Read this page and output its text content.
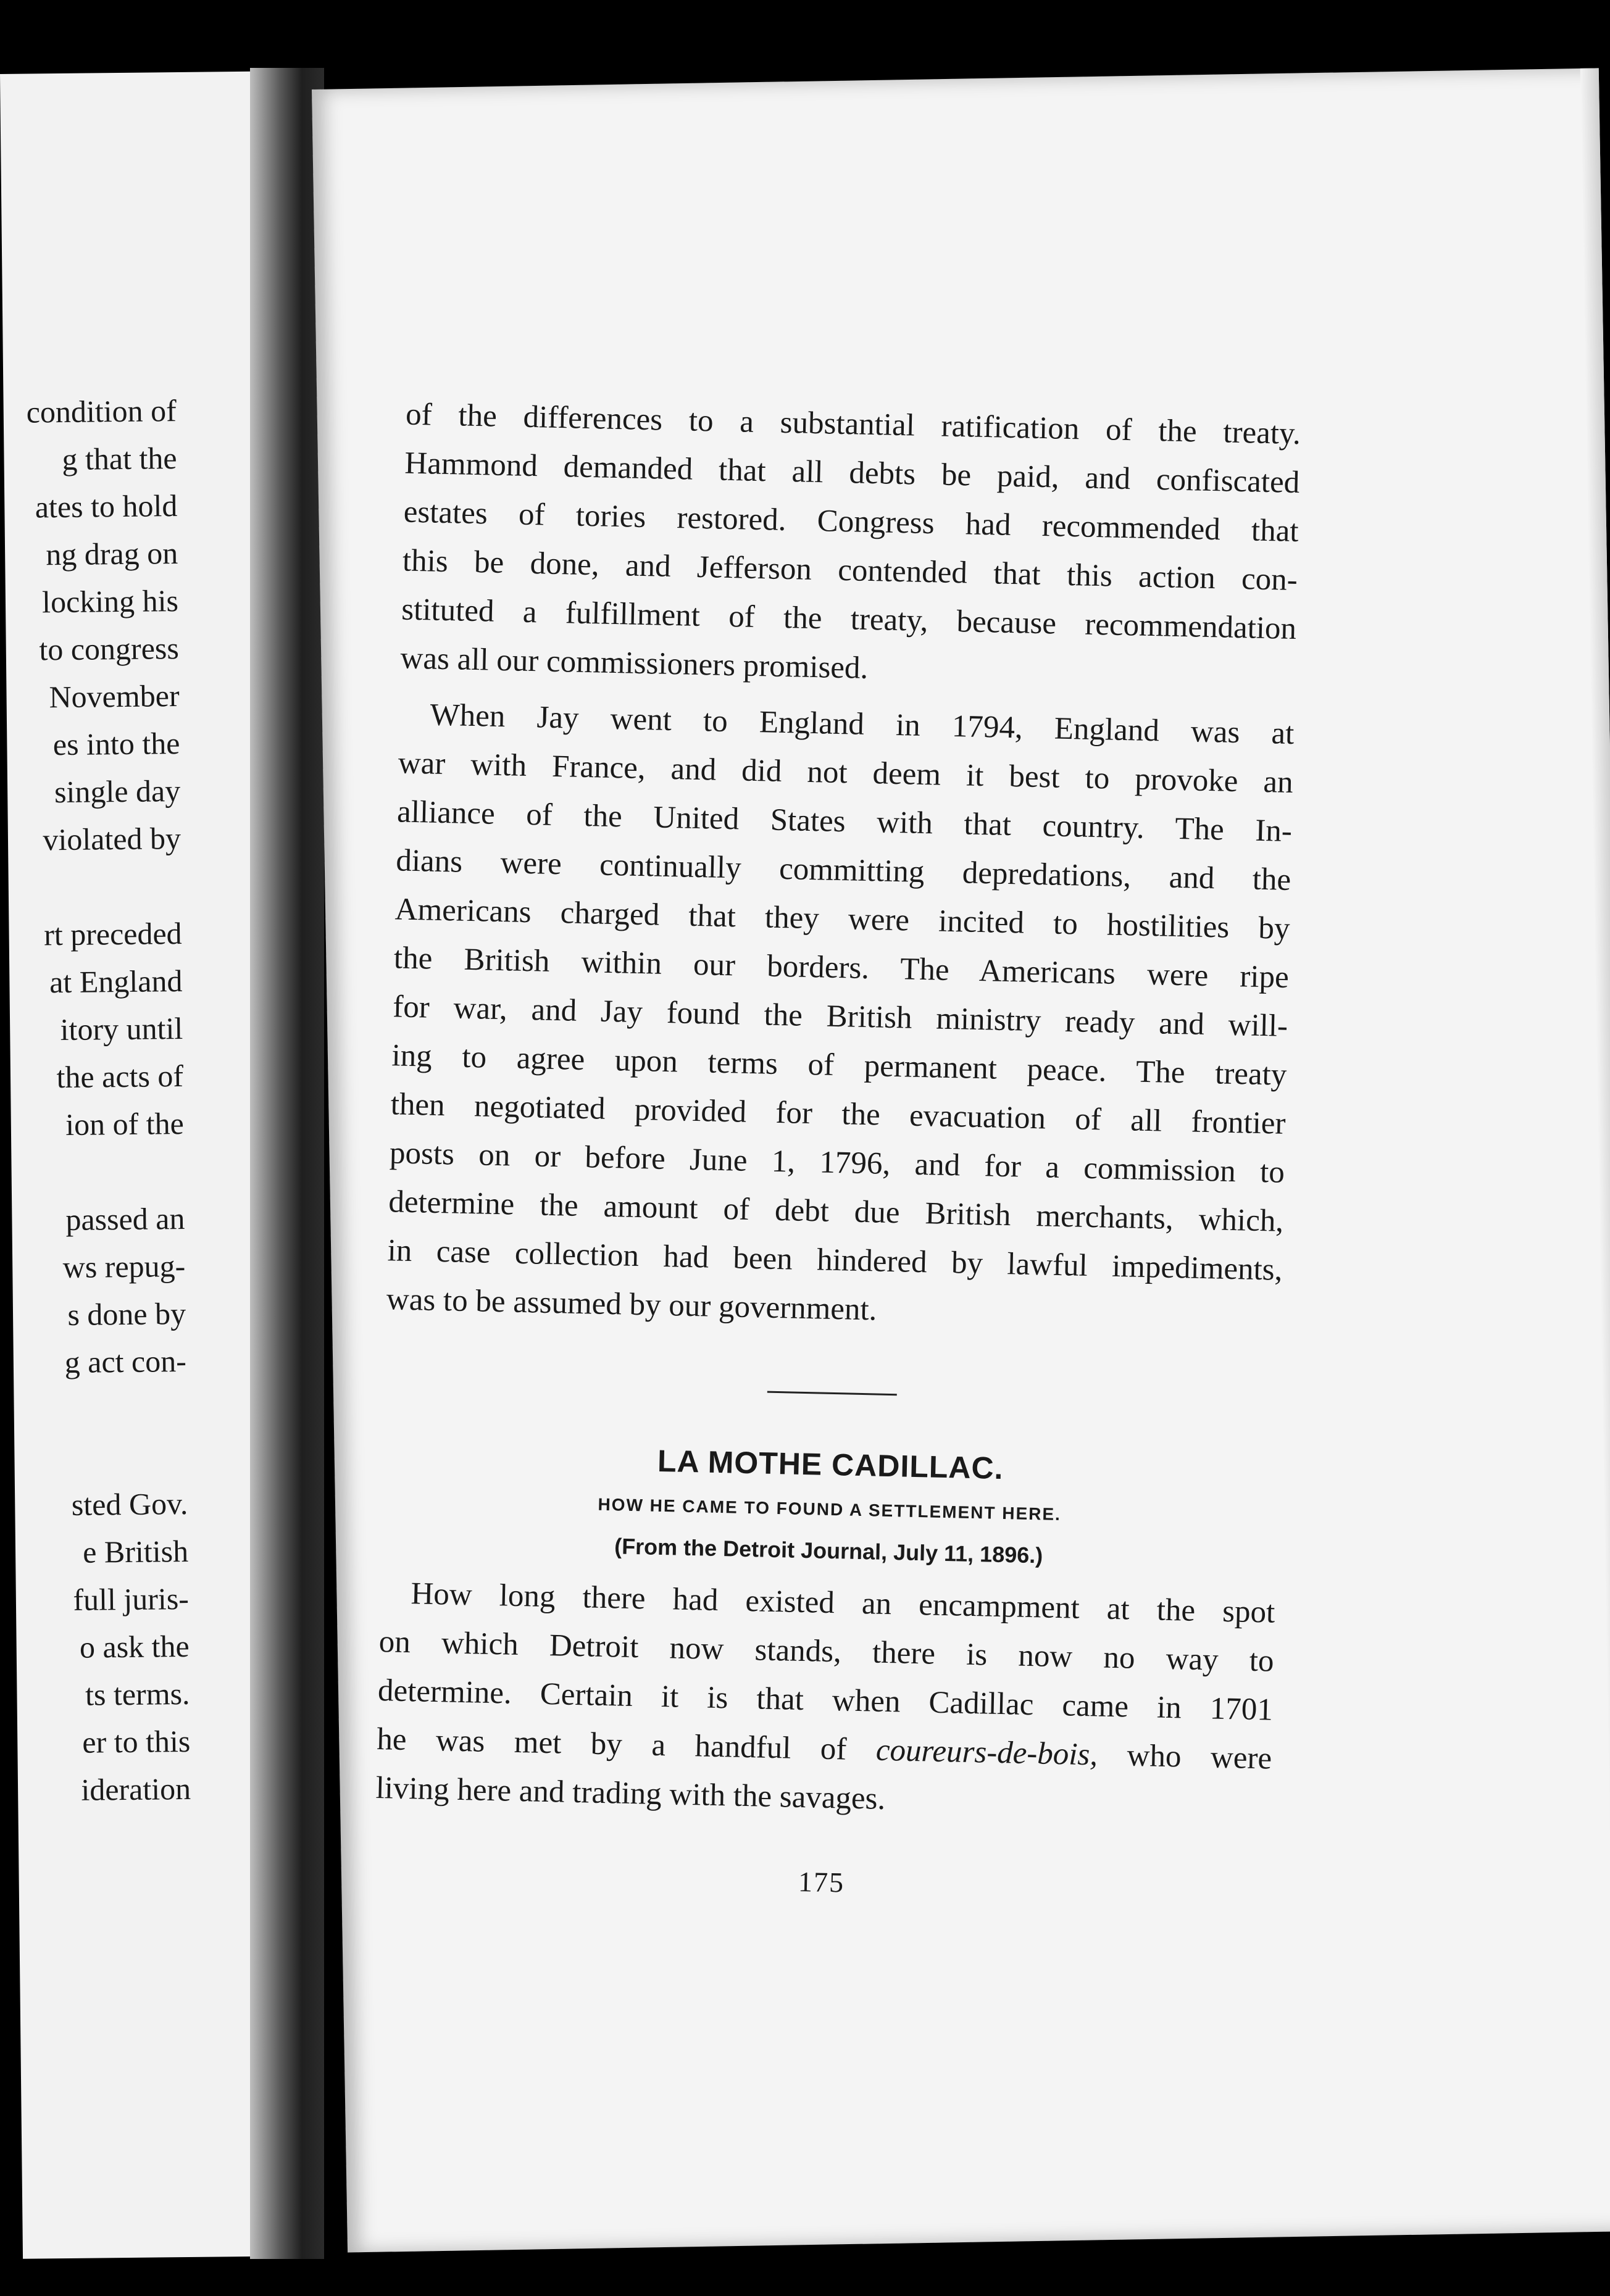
condition of
g that the
ates to hold
ng drag on
locking his
to congress
November
es into the
single day
violated by
rt preceded
at England
itory until
the acts of
ion of the
passed an
ws repug-
s done by
g act con-
sted Gov.
e British
full juris-
o ask the
ts terms.
er to this
ideration

of the differences to a substantial ratification of the treaty.
Hammond demanded that all debts be paid, and confiscated
estates of tories restored. Congress had recommended that
this be done, and Jefferson contended that this action con-
stituted a fulfillment of the treaty, because recommendation
was all our commissioners promised.

When Jay went to England in 1794, England was at
war with France, and did not deem it best to provoke an
alliance of the United States with that country. The In-
dians were continually committing depredations, and the
Americans charged that they were incited to hostilities by
the British within our borders. The Americans were ripe
for war, and Jay found the British ministry ready and will-
ing to agree upon terms of permanent peace. The treaty
then negotiated provided for the evacuation of all frontier
posts on or before June 1, 1796, and for a commission to
determine the amount of debt due British merchants, which,
in case collection had been hindered by lawful impediments,
was to be assumed by our government.

LA MOTHE CADILLAC.
HOW HE CAME TO FOUND A SETTLEMENT HERE.
(From the Detroit Journal, July 11, 1896.)

How long there had existed an encampment at the spot
on which Detroit now stands, there is now no way to
determine. Certain it is that when Cadillac came in 1701
he was met by a handful of coureurs-de-bois, who were
living here and trading with the savages.

175
